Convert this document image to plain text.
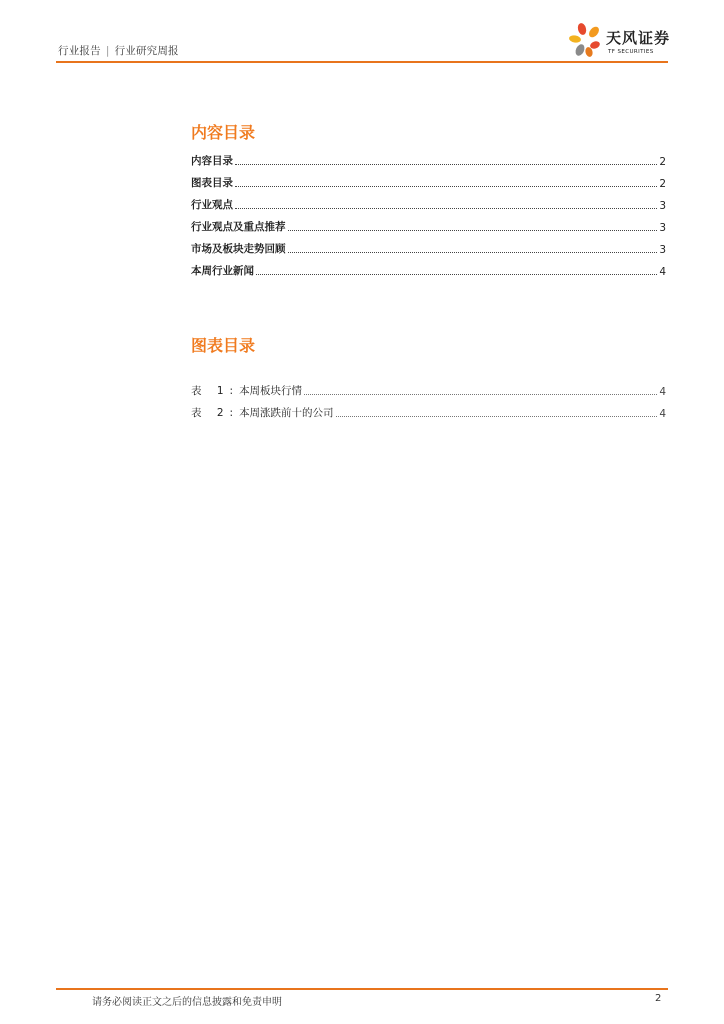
行业报告 | 行业研究周报
天风证券
TF SECURITIES
内容目录
内容目录	2
图表目录	2
行业观点	3
行业观点及重点推荐	3
市场及板块走势回顾	3
本周行业新闻	4
图表目录
表 1:本周板块行情	4
表 2:本周涨跌前十的公司	4
请务必阅读正文之后的信息披露和免责申明	2
